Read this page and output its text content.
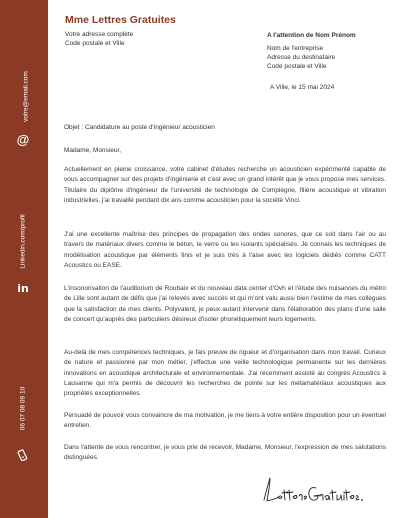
votre@email.com
@
Linkedin.com/profil
in
06 07 08 09 10
Mme Lettres Gratuites
Votre adresse complète
Code postale et Ville
A l'attention de Nom Prénom
Nom de l'entreprise
Adresse du destinataire
Code postale et Ville
A Ville, le 15 mai 2024
Objet : Candidature au poste d'ingénieur acousticien
Madame, Monsieur,

Actuellement en pleine croissance, votre cabinet d'études recherche un acousticien expérimenté capable de vous accompagner sur des projets d'ingénierie et c'est avec un grand intérêt que je vous propose mes services. Titulaire du diplôme d'ingénieur de l'université de technologie de Compiègne, filière acoustique et vibration industrielles, j'ai travaillé pendant dix ans comme acousticien pour la société Vinci.

J'ai une excellente maîtrise des principes de propagation des ondes sonores, que ce soit dans l'air ou au travers de matériaux divers comme le béton, le verre ou les isolants spécialisés. Je connais les techniques de modélisation acoustique par éléments finis et je suis très à l'aise avec les logiciels dédiés comme CATT Acoustics ou EASE.

L'insonorisation de l'auditorium de Roubaix et du nouveau data center d'Ovh et l'étude des nuisances du métro de Lille sont autant de défis que j'ai relevés avec succès et qui m'ont valu aussi bien l'estime de mes collègues que la satisfaction de mes clients. Polyvalent, je peux autant intervenir dans l'élaboration des plans d'une salle de concert qu'auprès des particuliers désireux d'isoler phonétiquement leurs logements.

Au-delà de mes compétences techniques, je fais preuve de rigueur et d'organisation dans mon travail. Curieux de nature et passionné par mon métier, j'effectue une veille technologique permanente sur les dernières innovations en acoustique architecturale et environnementale. J'ai récemment assisté au congrès Acoustics à Lausanne qui m'a permis de découvrir les recherches de pointe sur les métamatériaux acoustiques aux propriétés exceptionnelles.

Persuadé de pouvoir vous convaincre de ma motivation, je me tiens à votre entière disposition pour un éventuel entretien.

Dans l'attente de vous rencontrer, je vous prie de recevoir, Madame, Monsieur, l'expression de mes salutations distinguées.
